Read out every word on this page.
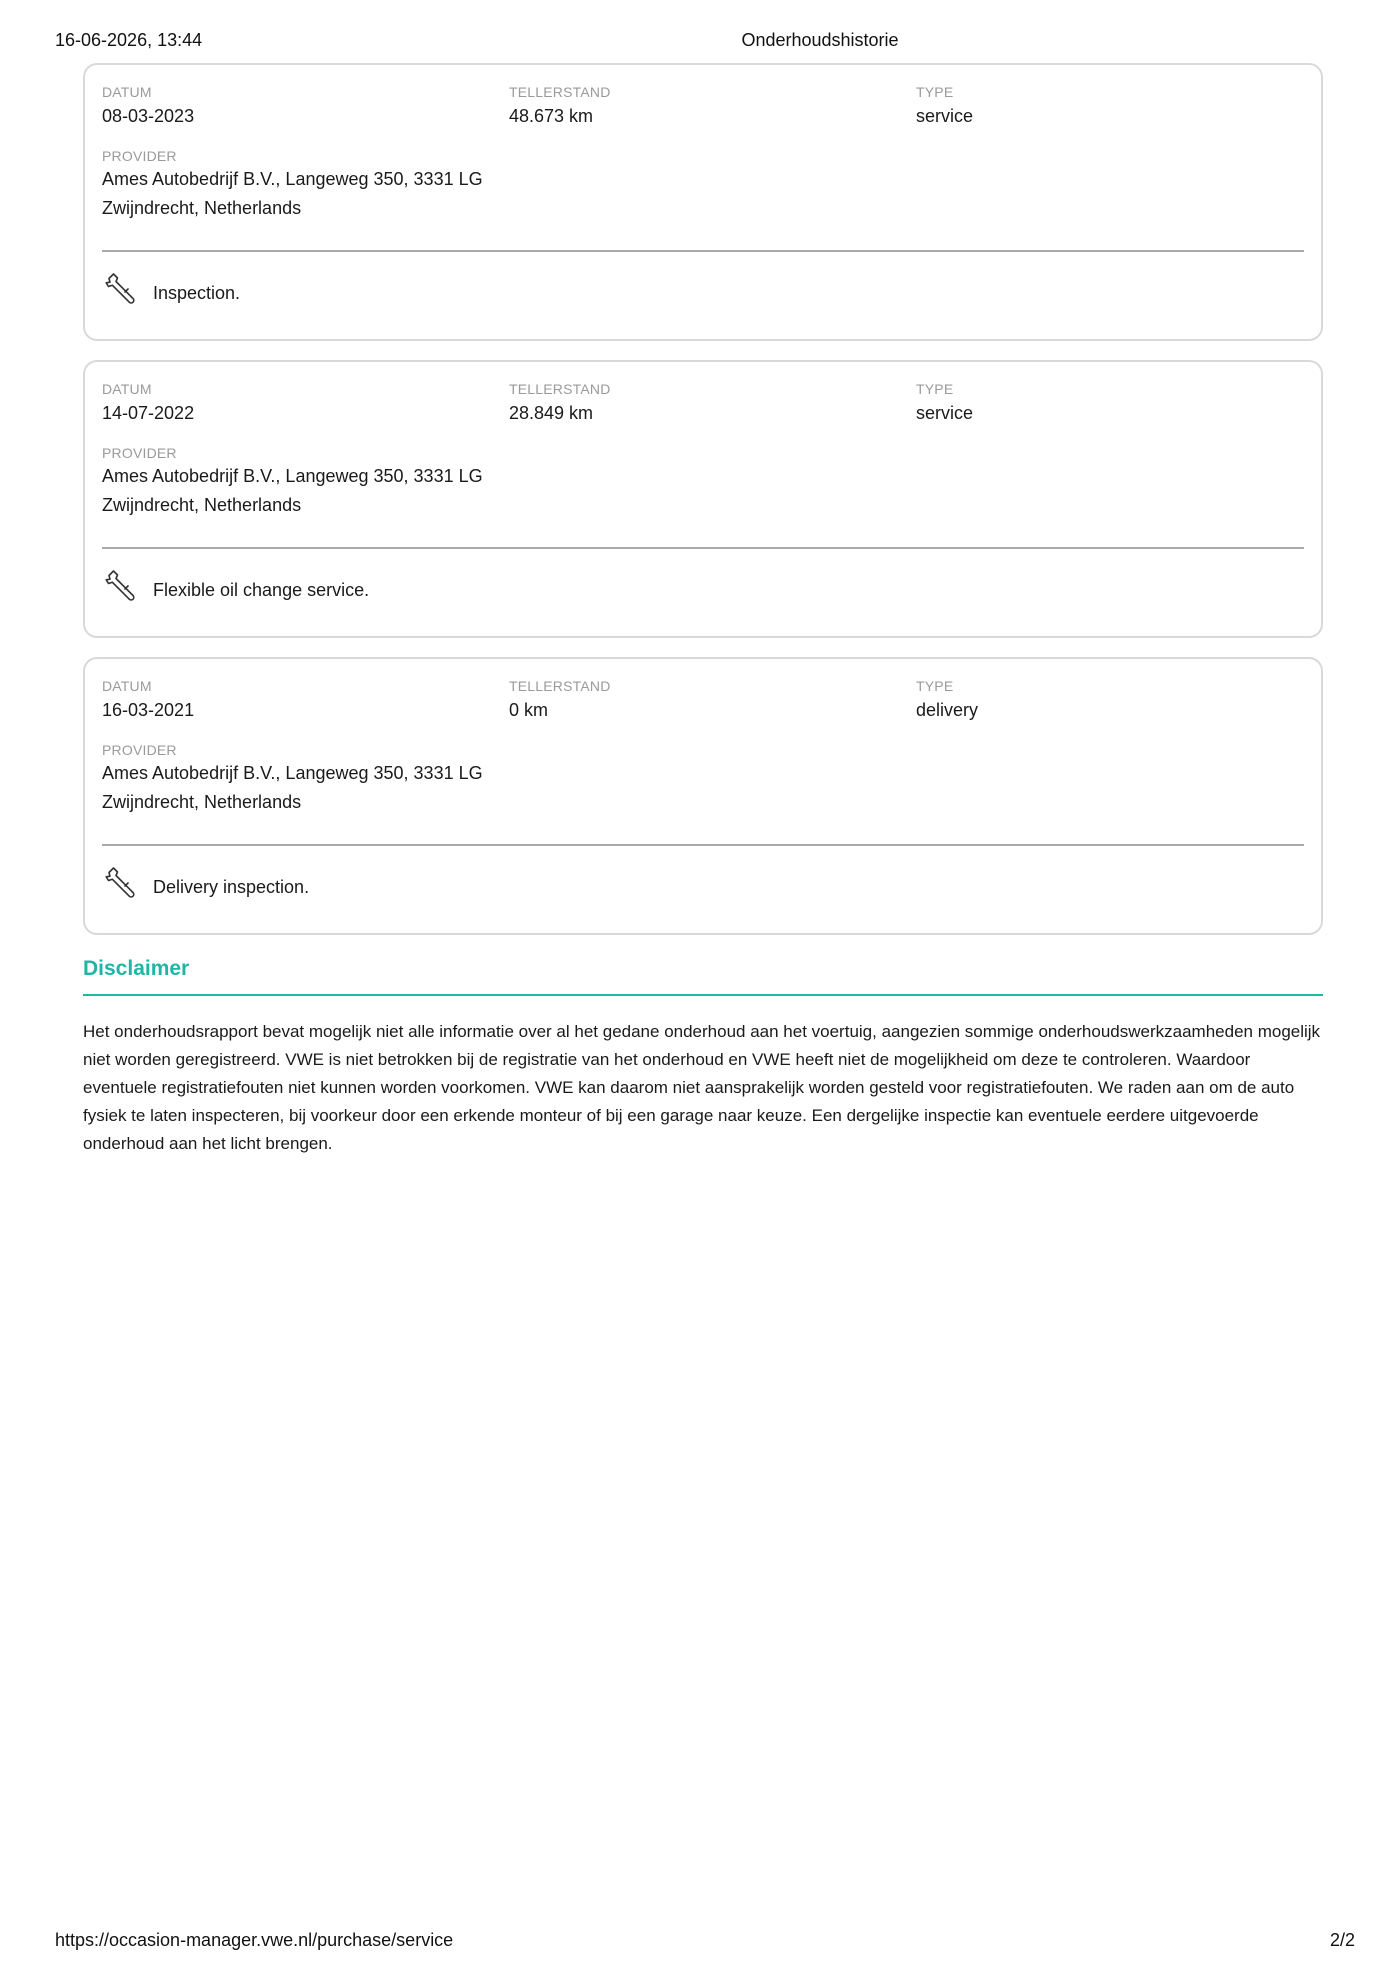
16-06-2026, 13:44	Onderhoudshistorie
DATUM
08-03-2023
TELLERSTAND
48.673 km
TYPE
service
PROVIDER
Ames Autobedrijf B.V., Langeweg 350, 3331 LG Zwijndrecht, Netherlands
Inspection.
DATUM
14-07-2022
TELLERSTAND
28.849 km
TYPE
service
PROVIDER
Ames Autobedrijf B.V., Langeweg 350, 3331 LG Zwijndrecht, Netherlands
Flexible oil change service.
DATUM
16-03-2021
TELLERSTAND
0 km
TYPE
delivery
PROVIDER
Ames Autobedrijf B.V., Langeweg 350, 3331 LG Zwijndrecht, Netherlands
Delivery inspection.
Disclaimer
Het onderhoudsrapport bevat mogelijk niet alle informatie over al het gedane onderhoud aan het voertuig, aangezien sommige onderhoudswerkzaamheden mogelijk niet worden geregistreerd. VWE is niet betrokken bij de registratie van het onderhoud en VWE heeft niet de mogelijkheid om deze te controleren. Waardoor eventuele registratiefouten niet kunnen worden voorkomen. VWE kan daarom niet aansprakelijk worden gesteld voor registratiefouten. We raden aan om de auto fysiek te laten inspecteren, bij voorkeur door een erkende monteur of bij een garage naar keuze. Een dergelijke inspectie kan eventuele eerdere uitgevoerde onderhoud aan het licht brengen.
https://occasion-manager.vwe.nl/purchase/service	2/2
